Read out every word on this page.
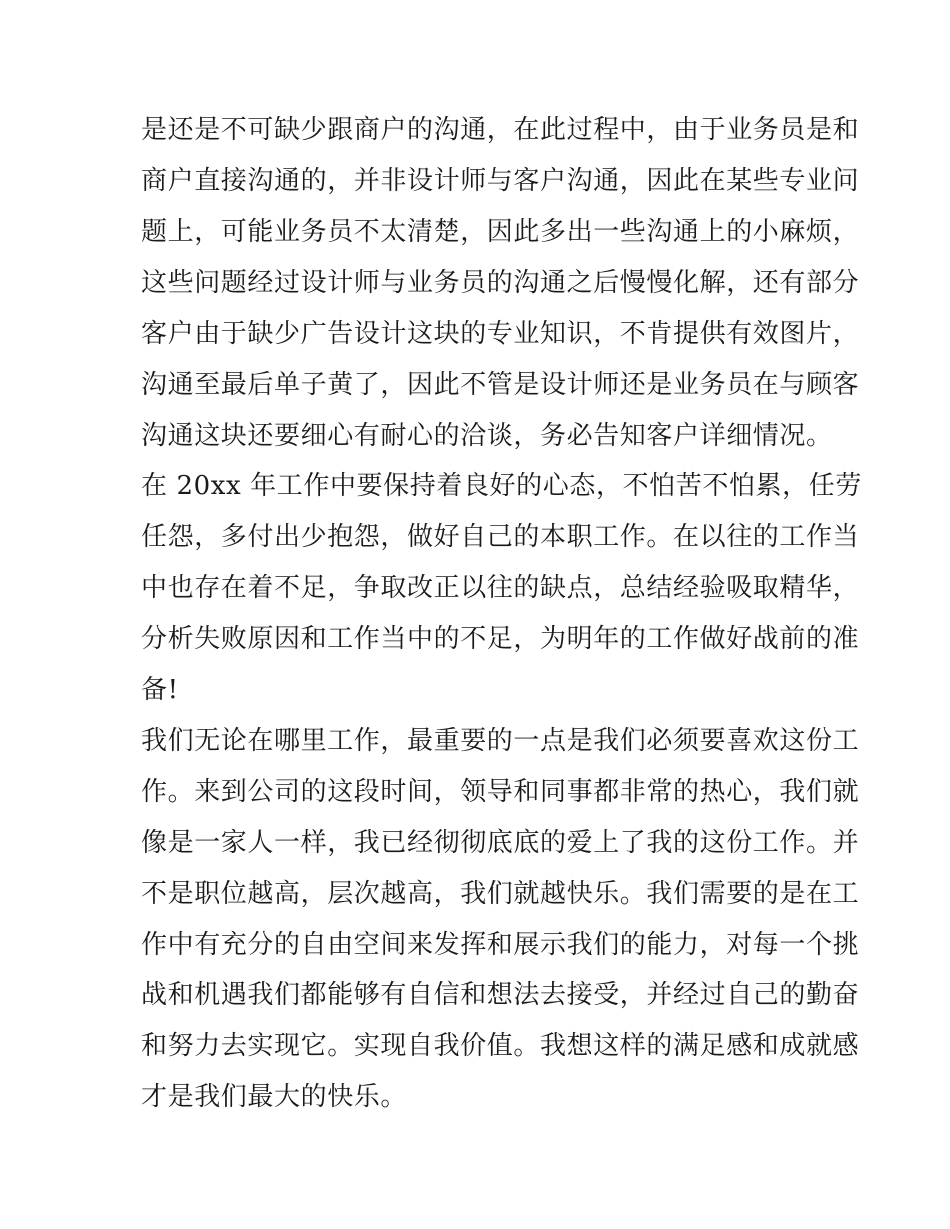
是还是不可缺少跟商户的沟通，在此过程中，由于业务员是和
商户直接沟通的，并非设计师与客户沟通，因此在某些专业问
题上，可能业务员不太清楚，因此多出一些沟通上的小麻烦，
这些问题经过设计师与业务员的沟通之后慢慢化解，还有部分
客户由于缺少广告设计这块的专业知识，不肯提供有效图片，
沟通至最后单子黄了，因此不管是设计师还是业务员在与顾客
沟通这块还要细心有耐心的洽谈，务必告知客户详细情况。
在 20xx 年工作中要保持着良好的心态，不怕苦不怕累，任劳
任怨，多付出少抱怨，做好自己的本职工作。在以往的工作当
中也存在着不足，争取改正以往的缺点，总结经验吸取精华，
分析失败原因和工作当中的不足，为明年的工作做好战前的准
备!
我们无论在哪里工作，最重要的一点是我们必须要喜欢这份工
作。来到公司的这段时间，领导和同事都非常的热心，我们就
像是一家人一样，我已经彻彻底底的爱上了我的这份工作。并
不是职位越高，层次越高，我们就越快乐。我们需要的是在工
作中有充分的自由空间来发挥和展示我们的能力，对每一个挑
战和机遇我们都能够有自信和想法去接受，并经过自己的勤奋
和努力去实现它。实现自我价值。我想这样的满足感和成就感
才是我们最大的快乐。
